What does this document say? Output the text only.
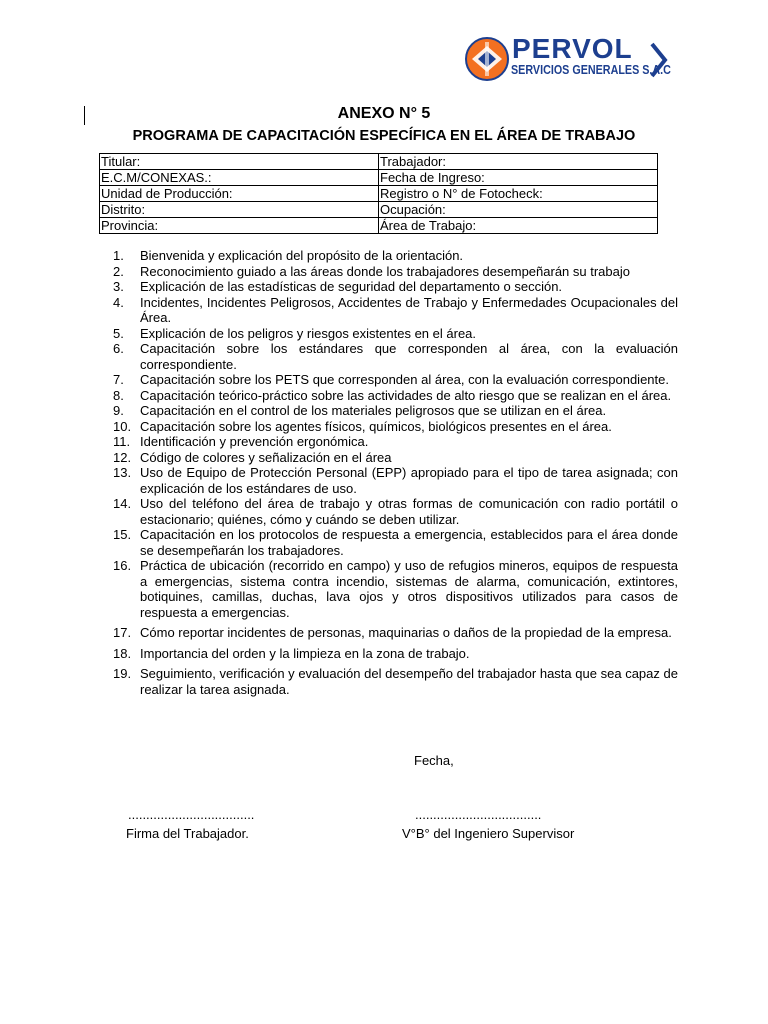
PERVOL
SERVICIOS GENERALES S.A.C
ANEXO N° 5
PROGRAMA DE CAPACITACIÓN ESPECÍFICA EN EL ÁREA DE TRABAJO
Titular:	Trabajador:
E.C.M/CONEXAS.:	Fecha de Ingreso:
Unidad de Producción:	Registro o N° de Fotocheck:
Distrito:	Ocupación:
Provincia:	Área de Trabajo:
1.	Bienvenida y explicación del propósito de la orientación.
2.	Reconocimiento guiado a las áreas donde los trabajadores desempeñarán su trabajo
3.	Explicación de las estadísticas de seguridad del departamento o sección.
4.	Incidentes, Incidentes Peligrosos, Accidentes de Trabajo y Enfermedades Ocupacionales del Área.
5.	Explicación de los peligros y riesgos existentes en el área.
6.	Capacitación sobre los estándares que corresponden al área, con la evaluación correspondiente.
7.	Capacitación sobre los PETS que corresponden al área, con la evaluación correspondiente.
8.	Capacitación teórico-práctico sobre las actividades de alto riesgo que se realizan en el área.
9.	Capacitación en el control de los materiales peligrosos que se utilizan en el área.
10. Capacitación sobre los agentes físicos, químicos, biológicos presentes en el área.
11. Identificación y prevención ergonómica.
12. Código de colores y señalización en el área
13. Uso de Equipo de Protección Personal (EPP) apropiado para el tipo de tarea asignada; con explicación de los estándares de uso.
14. Uso del teléfono del área de trabajo y otras formas de comunicación con radio portátil o estacionario; quiénes, cómo y cuándo se deben utilizar.
15. Capacitación en los protocolos de respuesta a emergencia, establecidos para el área donde se desempeñarán los trabajadores.
16. Práctica de ubicación (recorrido en campo) y uso de refugios mineros, equipos de respuesta a emergencias, sistema contra incendio, sistemas de alarma, comunicación, extintores, botiquines, camillas, duchas, lava ojos y otros dispositivos utilizados para casos de respuesta a emergencias.
17. Cómo reportar incidentes de personas, maquinarias o daños de la propiedad de la empresa.
18. Importancia del orden y la limpieza en la zona de trabajo.
19. Seguimiento, verificación y evaluación del desempeño del trabajador hasta que sea capaz de realizar la tarea asignada.
Fecha,
...................................	...................................
Firma del Trabajador.	V°B° del Ingeniero Supervisor
